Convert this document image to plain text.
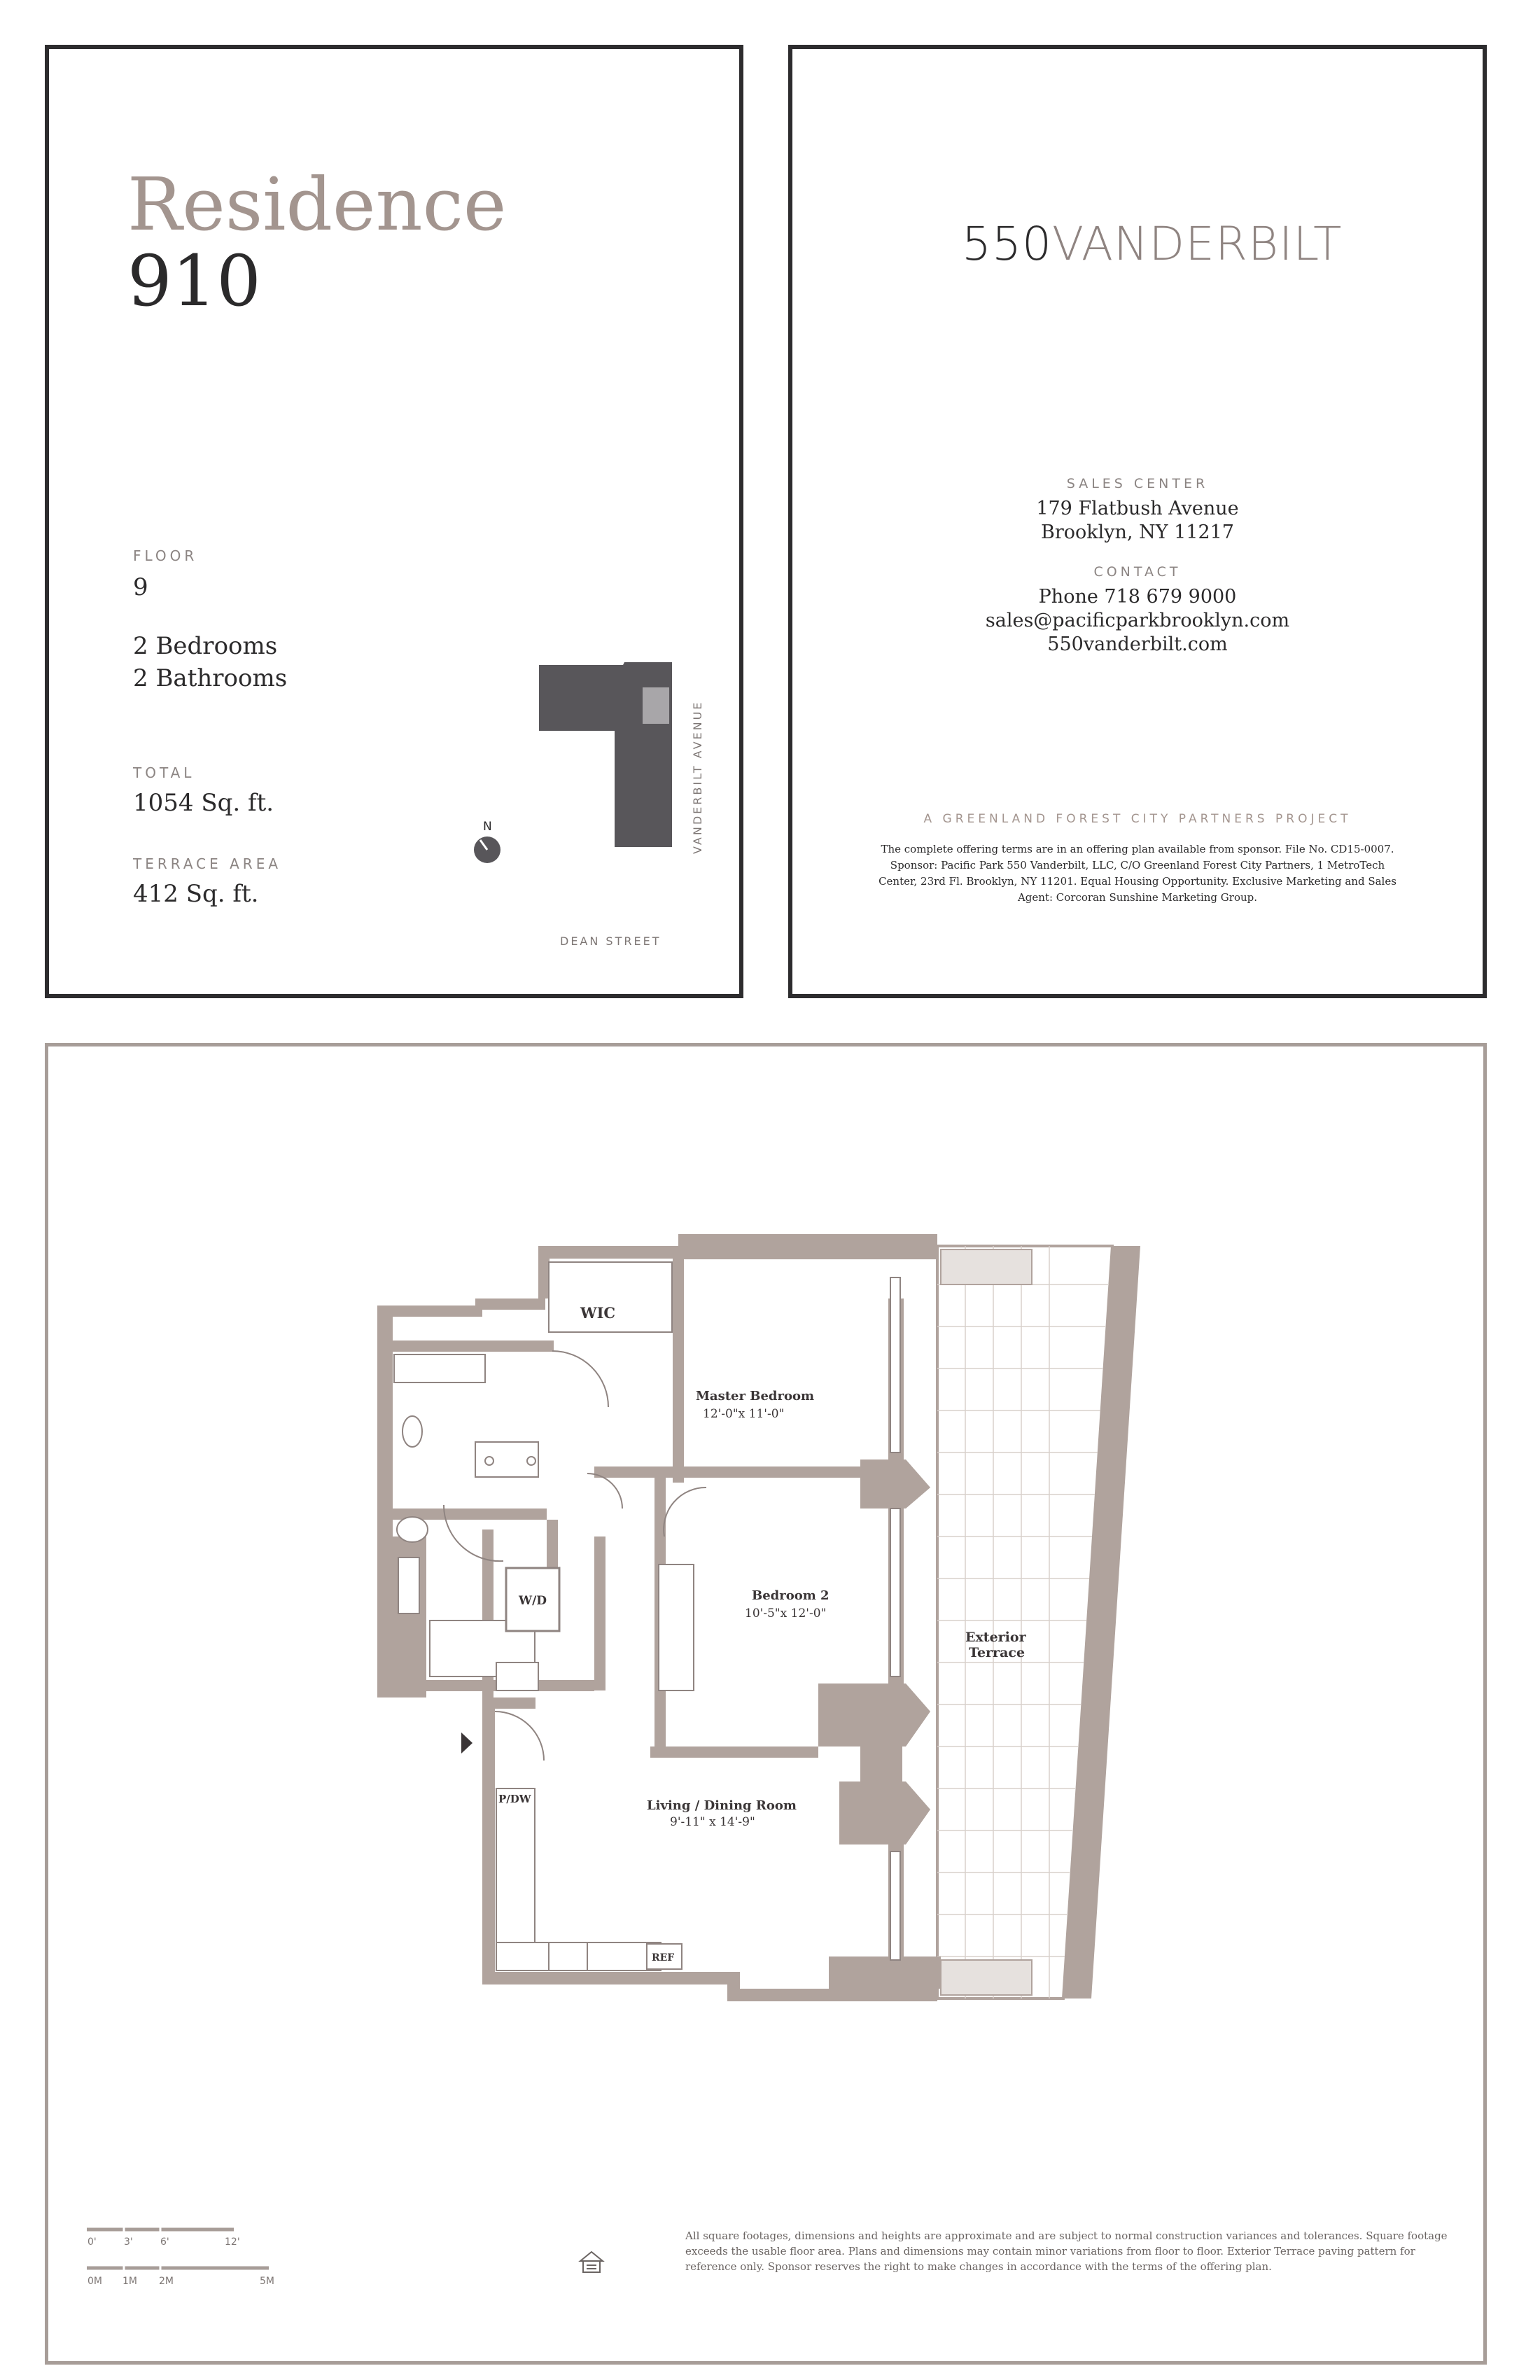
Residence
910
FLOOR
9
2 Bedrooms
2 Bathrooms
TOTAL
1054 Sq. ft.
TERRACE AREA
412 Sq. ft.
N	VANDERBILT AVENUE
DEAN STREET
550VANDERBILT
SALES CENTER
179 Flatbush Avenue
Brooklyn, NY 11217
CONTACT
Phone 718 679 9000
sales@pacificparkbrooklyn.com
550vanderbilt.com
A GREENLAND FOREST CITY PARTNERS PROJECT
The complete offering terms are in an offering plan available from sponsor. File No. CD15-0007. Sponsor: Pacific Park 550 Vanderbilt, LLC, C/O Greenland Forest City Partners, 1 MetroTech Center, 23rd Fl. Brooklyn, NY 11201. Equal Housing Opportunity. Exclusive Marketing and Sales Agent: Corcoran Sunshine Marketing Group.
WIC
Master Bedroom
12'-0"x 11'-0"
W/D	Bedroom 2
10'-5"x 12'-0"
Exterior
Terrace
P/DW
REF
Living / Dining Room
9'-11" x 14'-9"
0'	3'	6'	12'
0M 1M 2M	5M
All square footages, dimensions and heights are approximate and are subject to normal construction variances and tolerances. Square footage exceeds the usable floor area. Plans and dimensions may contain minor variations from floor to floor. Exterior Terrace paving pattern for reference only. Sponsor reserves the right to make changes in accordance with the terms of the offering plan.
